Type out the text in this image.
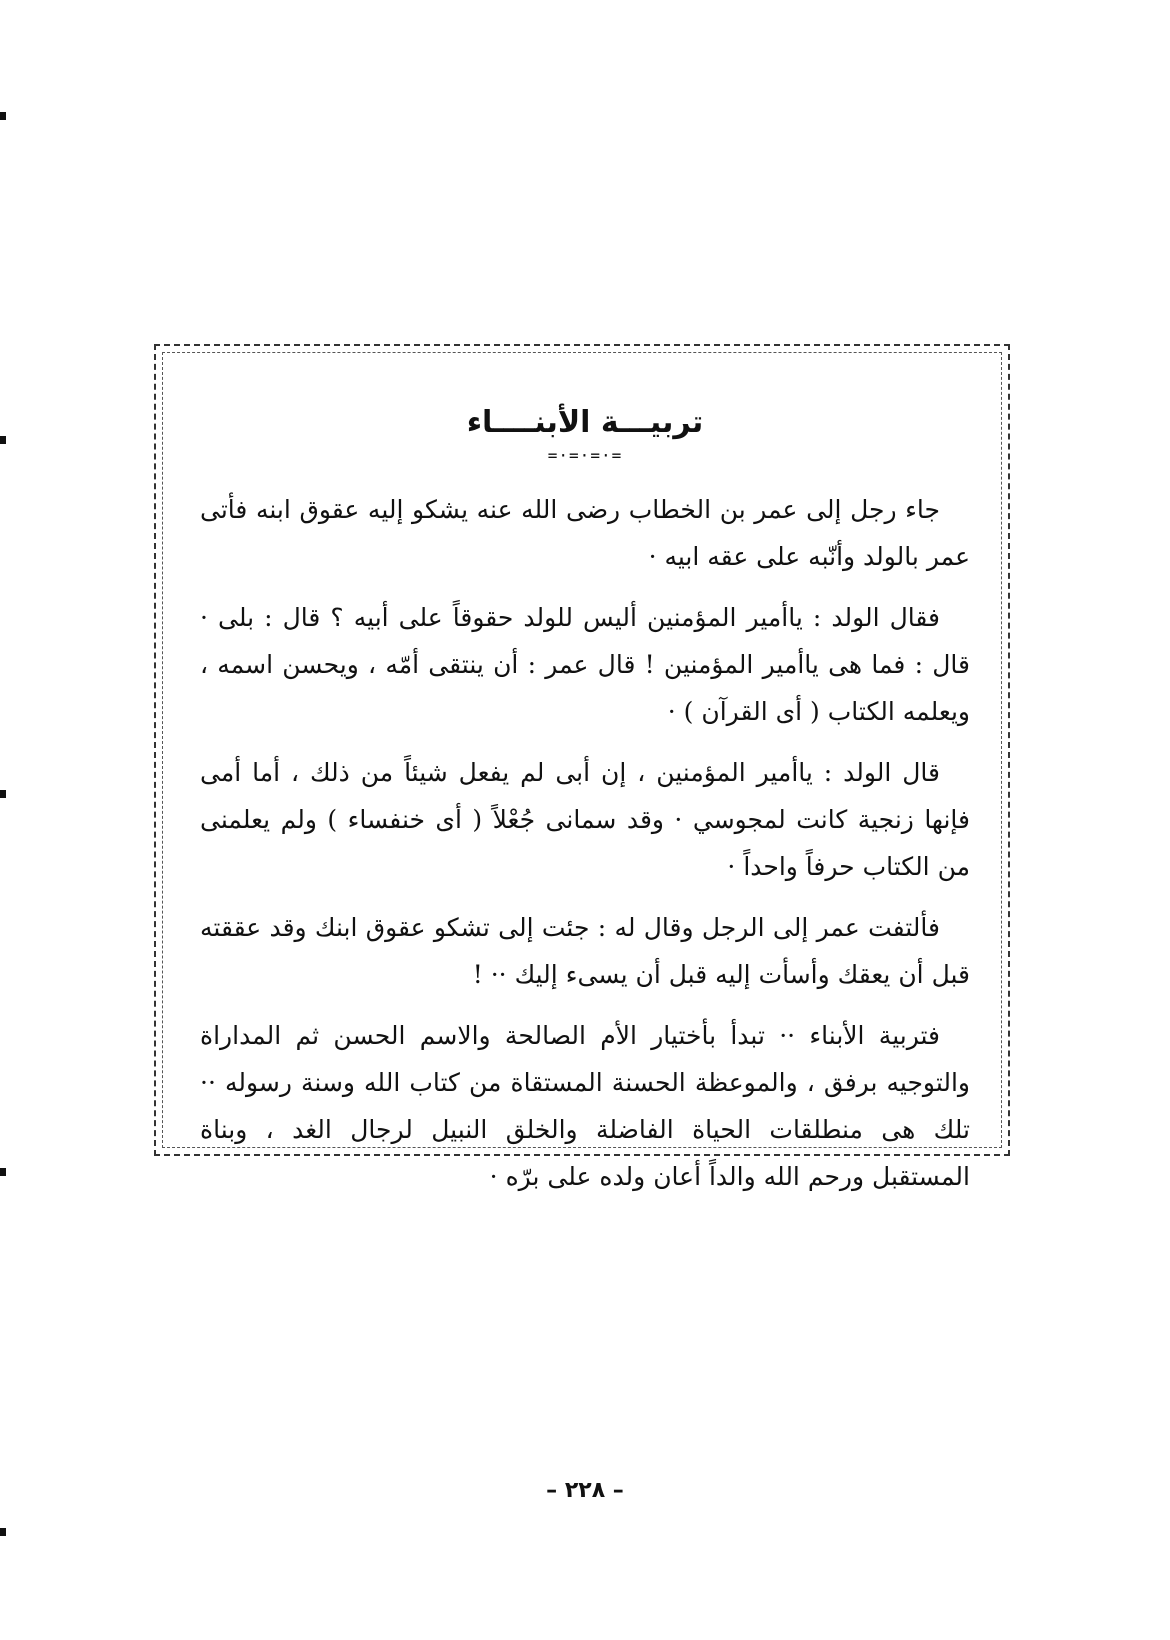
تربيـــة الأبنــــاء
=·=·=·=

جاء رجل إلى عمر بن الخطاب رضى الله عنه يشكو إليه عقوق ابنه فأتى عمر بالولد وأنّبه على عقه ابيه ·

فقال الولد : ياأمير المؤمنين أليس للولد حقوقاً على أبيه ؟ قال : بلى · قال : فما هى ياأمير المؤمنين ! قال عمر : أن ينتقى أمّه ، ويحسن اسمه ، ويعلمه الكتاب ( أى القرآن ) ·

قال الولد : ياأمير المؤمنين ، إن أبى لم يفعل شيئاً من ذلك ، أما أمى فإنها زنجية كانت لمجوسي · وقد سمانى جُعْلاً ( أى خنفساء ) ولم يعلمنى من الكتاب حرفاً واحداً ·

فألتفت عمر إلى الرجل وقال له : جئت إلى تشكو عقوق ابنك وقد عققته قبل أن يعقك وأسأت إليه قبل أن يسىء إليك ·· !

فتربية الأبناء ·· تبدأ بأختيار الأم الصالحة والاسم الحسن ثم المداراة والتوجيه برفق ، والموعظة الحسنة المستقاة من كتاب الله وسنة رسوله ·· تلك هى منطلقات الحياة الفاضلة والخلق النبيل لرجال الغد ، وبناة المستقبل ورحم الله والداً أعان ولده على برّه ·

– ٢٢٨ –
